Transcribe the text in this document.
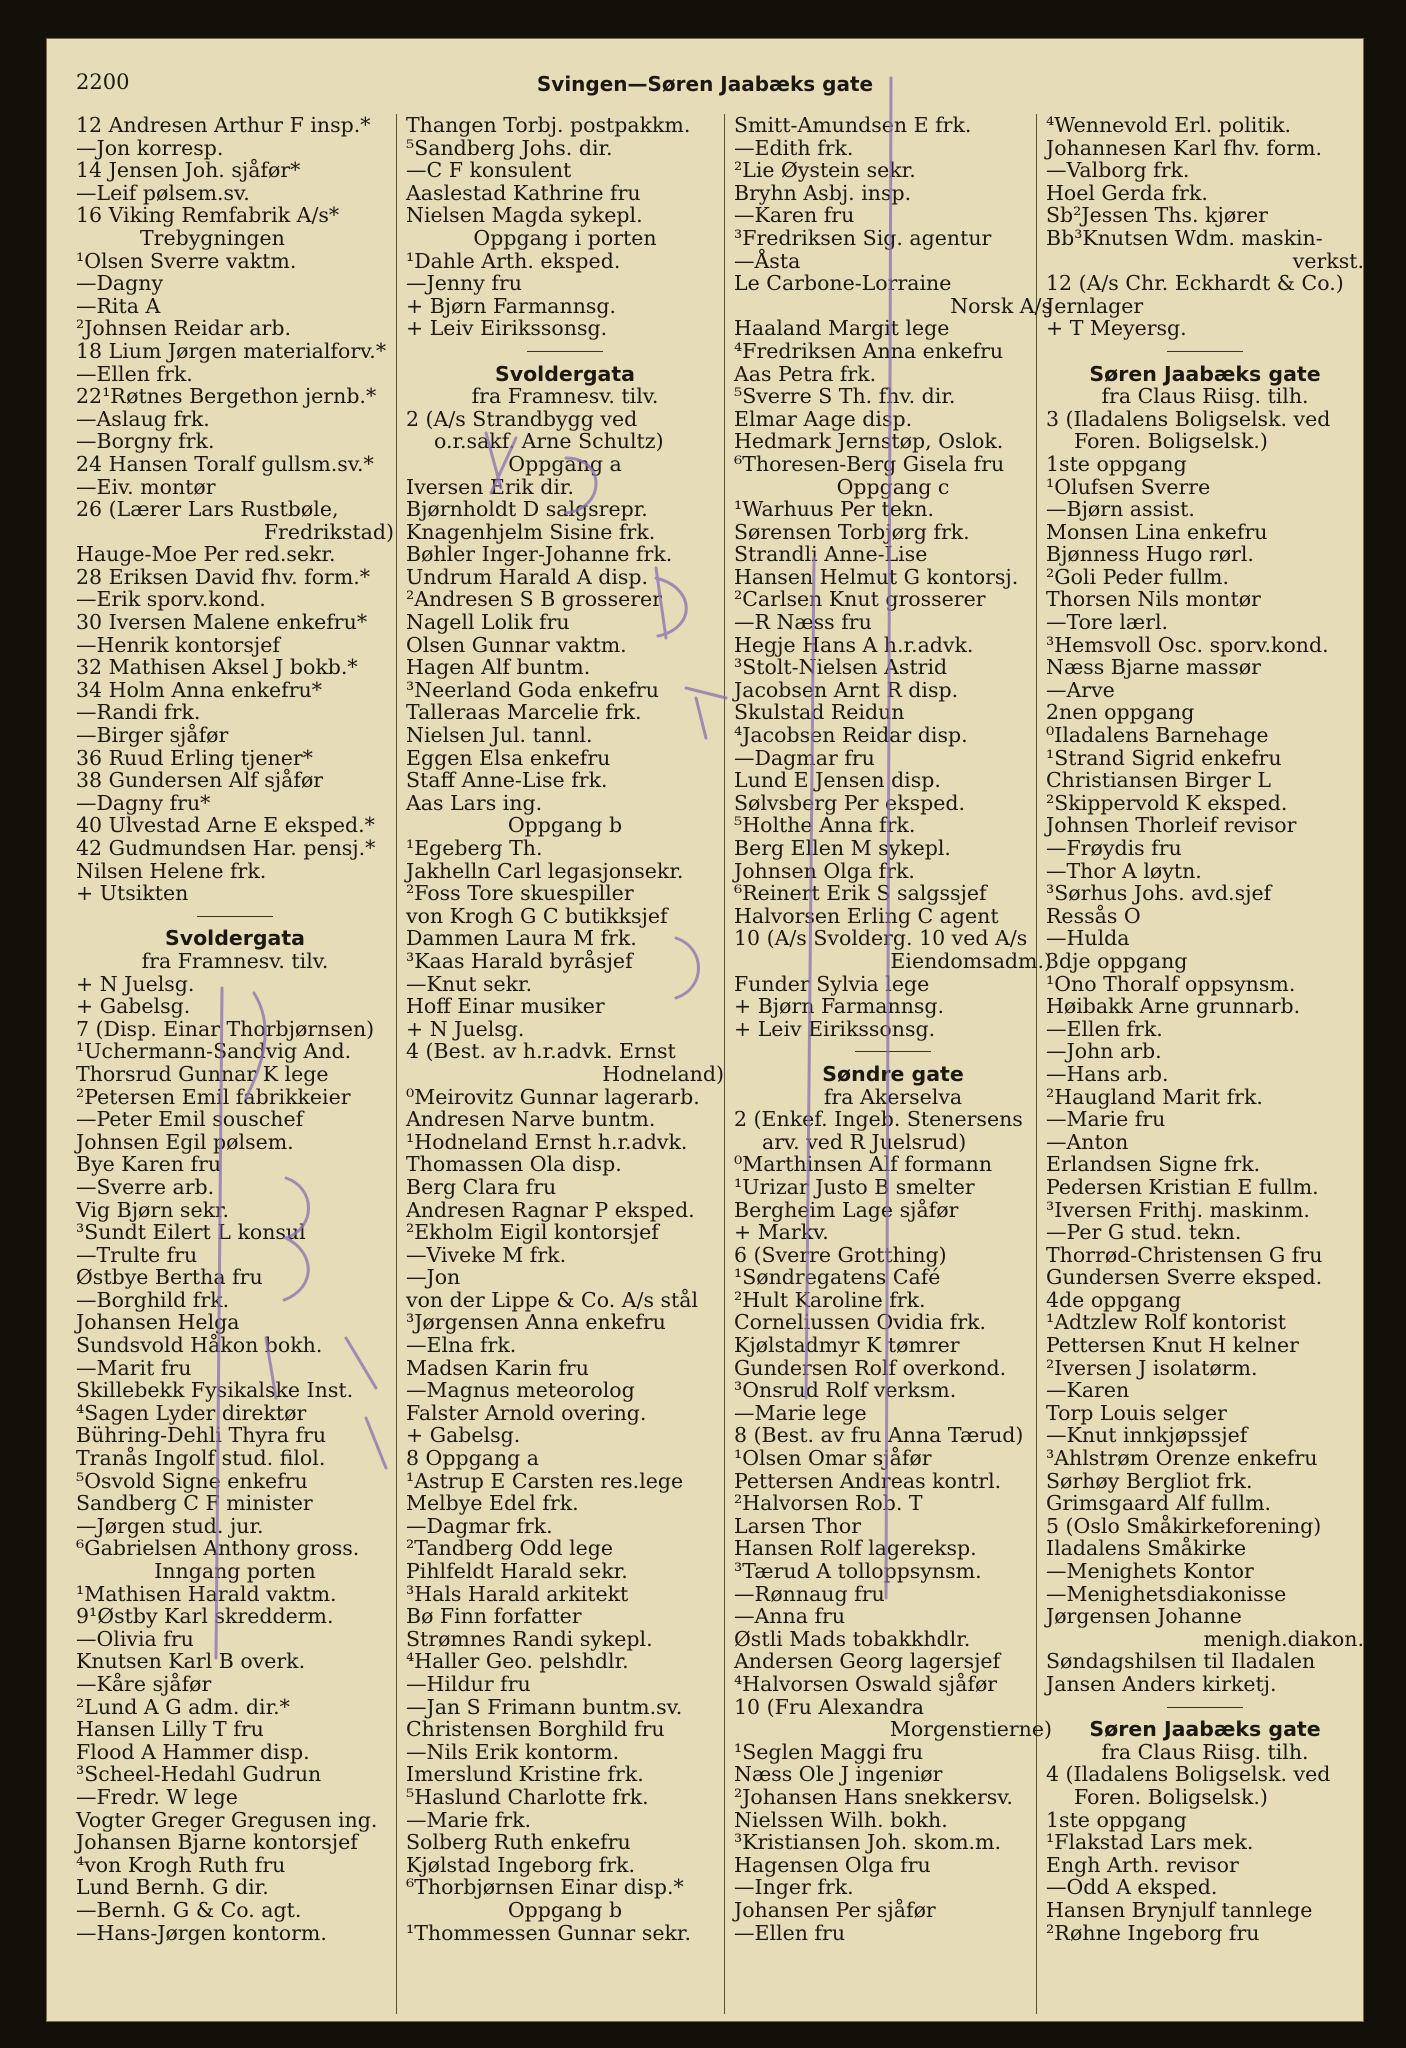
2200	Svingen—Søren Jaabæks gate
12 Andresen Arthur F insp.*
—Jon korresp.
14 Jensen Joh. sjåfør*
—Leif pølsem.sv.
16 Viking Remfabrik A/s*
Trebygningen
¹Olsen Sverre vaktm.
—Dagny
—Rita A
²Johnsen Reidar arb.
18 Lium Jørgen materialforv.*
—Ellen frk.
22¹Røtnes Bergethon jernb.*
—Aslaug frk.
—Borgny frk.
24 Hansen Toralf gullsm.sv.*
—Eiv. montør
26 (Lærer Lars Rustbøle,
Fredrikstad)
Hauge-Moe Per red.sekr.
28 Eriksen David fhv. form.*
—Erik sporv.kond.
30 Iversen Malene enkefru*
—Henrik kontorsjef
32 Mathisen Aksel J bokb.*
34 Holm Anna enkefru*
—Randi frk.
—Birger sjåfør
36 Ruud Erling tjener*
38 Gundersen Alf sjåfør
—Dagny fru*
40 Ulvestad Arne E eksped.*
42 Gudmundsen Har. pensj.*
Nilsen Helene frk.
+ Utsikten
Svoldergata
fra Framnesv. tilv.
+ N Juelsg.
+ Gabelsg.
7 (Disp. Einar Thorbjørnsen)
¹Uchermann-Sandvig And.
Thorsrud Gunnar K lege
²Petersen Emil fabrikkeier
—Peter Emil souschef
Johnsen Egil pølsem.
Bye Karen fru
—Sverre arb.
Vig Bjørn sekr.
³Sundt Eilert L konsul
—Trulte fru
Østbye Bertha fru
—Borghild frk.
Johansen Helga
Sundsvold Håkon bokh.
—Marit fru
Skillebekk Fysikalske Inst.
⁴Sagen Lyder direktør
Bühring-Dehli Thyra fru
Tranås Ingolf stud. filol.
⁵Osvold Signe enkefru
Sandberg C F minister
—Jørgen stud. jur.
⁶Gabrielsen Anthony gross.
Inngang porten
¹Mathisen Harald vaktm.
9¹Østby Karl skredderm.
—Olivia fru
Knutsen Karl B overk.
—Kåre sjåfør
²Lund A G adm. dir.*
Hansen Lilly T fru
Flood A Hammer disp.
³Scheel-Hedahl Gudrun
—Fredr. W lege
Vogter Greger Gregusen ing.
Johansen Bjarne kontorsjef
⁴von Krogh Ruth fru
Lund Bernh. G dir.
—Bernh. G & Co. agt.
—Hans-Jørgen kontorm.
Thangen Torbj. postpakkm.
⁵Sandberg Johs. dir.
—C F konsulent
Aaslestad Kathrine fru
Nielsen Magda sykepl.
Oppgang i porten
¹Dahle Arth. eksped.
—Jenny fru
+ Bjørn Farmannsg.
+ Leiv Eirikssonsg.
Svoldergata
fra Framnesv. tilv.
2 (A/s Strandbygg ved
o.r.sakf. Arne Schultz)
Oppgang a
Iversen Erik dir.
Bjørnholdt D salgsrepr.
Knagenhjelm Sisine frk.
Bøhler Inger-Johanne frk.
Undrum Harald A disp.
²Andresen S B grosserer
Nagell Lolik fru
Olsen Gunnar vaktm.
Hagen Alf buntm.
³Neerland Goda enkefru
Talleraas Marcelie frk.
Nielsen Jul. tannl.
Eggen Elsa enkefru
Staff Anne-Lise frk.
Aas Lars ing.
Oppgang b
¹Egeberg Th.
Jakhelln Carl legasjonsekr.
²Foss Tore skuespiller
von Krogh G C butikksjef
Dammen Laura M frk.
³Kaas Harald byråsjef
—Knut sekr.
Hoff Einar musiker
+ N Juelsg.
4 (Best. av h.r.advk. Ernst
Hodneland)
⁰Meirovitz Gunnar lagerarb.
Andresen Narve buntm.
¹Hodneland Ernst h.r.advk.
Thomassen Ola disp.
Berg Clara fru
Andresen Ragnar P eksped.
²Ekholm Eigil kontorsjef
—Viveke M frk.
—Jon
von der Lippe & Co. A/s stål
³Jørgensen Anna enkefru
—Elna frk.
Madsen Karin fru
—Magnus meteorolog
Falster Arnold overing.
+ Gabelsg.
8 Oppgang a
¹Astrup E Carsten res.lege
Melbye Edel frk.
—Dagmar frk.
²Tandberg Odd lege
Pihlfeldt Harald sekr.
³Hals Harald arkitekt
Bø Finn forfatter
Strømnes Randi sykepl.
⁴Haller Geo. pelshdlr.
—Hildur fru
—Jan S Frimann buntm.sv.
Christensen Borghild fru
—Nils Erik kontorm.
Imerslund Kristine frk.
⁵Haslund Charlotte frk.
—Marie frk.
Solberg Ruth enkefru
Kjølstad Ingeborg frk.
⁶Thorbjørnsen Einar disp.*
Oppgang b
¹Thommessen Gunnar sekr.
Smitt-Amundsen E frk.
—Edith frk.
²Lie Øystein sekr.
Bryhn Asbj. insp.
—Karen fru
³Fredriksen Sig. agentur
—Åsta
Le Carbone-Lorraine
Norsk A/s
Haaland Margit lege
⁴Fredriksen Anna enkefru
Aas Petra frk.
⁵Sverre S Th. fhv. dir.
Elmar Aage disp.
Hedmark Jernstøp, Oslok.
⁶Thoresen-Berg Gisela fru
Oppgang c
¹Warhuus Per tekn.
Sørensen Torbjørg frk.
Strandli Anne-Lise
Hansen Helmut G kontorsj.
²Carlsen Knut grosserer
—R Næss fru
Hegje Hans A h.r.advk.
³Stolt-Nielsen Astrid
Jacobsen Arnt R disp.
Skulstad Reidun
⁴Jacobsen Reidar disp.
—Dagmar fru
Lund E Jensen disp.
Sølvsberg Per eksped.
⁵Holthe Anna frk.
Berg Ellen M sykepl.
Johnsen Olga frk.
⁶Reinert Erik S salgssjef
Halvorsen Erling C agent
10 (A/s Svolderg. 10 ved A/s
Eiendomsadm.)
Funder Sylvia lege
+ Bjørn Farmannsg.
+ Leiv Eirikssonsg.
Søndre gate
fra Akerselva
2 (Enkef. Ingeb. Stenersens
arv. ved R Juelsrud)
⁰Marthinsen Alf formann
¹Urizar Justo B smelter
Bergheim Lage sjåfør
+ Markv.
6 (Sverre Grotthing)
¹Søndregatens Café
²Hult Karoline frk.
Corneliussen Ovidia frk.
Kjølstadmyr K tømrer
Gundersen Rolf overkond.
³Onsrud Rolf verksm.
—Marie lege
8 (Best. av fru Anna Tærud)
¹Olsen Omar sjåfør
Pettersen Andreas kontrl.
²Halvorsen Rob. T
Larsen Thor
Hansen Rolf lagereksp.
³Tærud A tolloppsynsm.
—Rønnaug fru
—Anna fru
Østli Mads tobakkhdlr.
Andersen Georg lagersjef
⁴Halvorsen Oswald sjåfør
10 (Fru Alexandra
Morgenstierne)
¹Seglen Maggi fru
Næss Ole J ingeniør
²Johansen Hans snekkersv.
Nielssen Wilh. bokh.
³Kristiansen Joh. skom.m.
Hagensen Olga fru
—Inger frk.
Johansen Per sjåfør
—Ellen fru
⁴Wennevold Erl. politik.
Johannesen Karl fhv. form.
—Valborg frk.
Hoel Gerda frk.
Sb²Jessen Ths. kjører
Bb³Knutsen Wdm. maskin-
verkst.
12 (A/s Chr. Eckhardt & Co.)
Jernlager
+ T Meyersg.
Søren Jaabæks gate
fra Claus Riisg. tilh.
3 (Iladalens Boligselsk. ved
Foren. Boligselsk.)
1ste oppgang
¹Olufsen Sverre
—Bjørn assist.
Monsen Lina enkefru
Bjønness Hugo rørl.
²Goli Peder fullm.
Thorsen Nils montør
—Tore lærl.
³Hemsvoll Osc. sporv.kond.
Næss Bjarne massør
—Arve
2nen oppgang
⁰Iladalens Barnehage
¹Strand Sigrid enkefru
Christiansen Birger L
²Skippervold K eksped.
Johnsen Thorleif revisor
—Frøydis fru
—Thor A løytn.
³Sørhus Johs. avd.sjef
Ressås O
—Hulda
3dje oppgang
¹Ono Thoralf oppsynsm.
Høibakk Arne grunnarb.
—Ellen frk.
—John arb.
—Hans arb.
²Haugland Marit frk.
—Marie fru
—Anton
Erlandsen Signe frk.
Pedersen Kristian E fullm.
³Iversen Frithj. maskinm.
—Per G stud. tekn.
Thorrød-Christensen G fru
Gundersen Sverre eksped.
4de oppgang
¹Adtzlew Rolf kontorist
Pettersen Knut H kelner
²Iversen J isolatørm.
—Karen
Torp Louis selger
—Knut innkjøpssjef
³Ahlstrøm Orenze enkefru
Sørhøy Bergliot frk.
Grimsgaard Alf fullm.
5 (Oslo Småkirkeforening)
Iladalens Småkirke
—Menighets Kontor
—Menighetsdiakonisse
Jørgensen Johanne
menigh.diakon.
Søndagshilsen til Iladalen
Jansen Anders kirketj.
Søren Jaabæks gate
fra Claus Riisg. tilh.
4 (Iladalens Boligselsk. ved
Foren. Boligselsk.)
1ste oppgang
¹Flakstad Lars mek.
Engh Arth. revisor
—Odd A eksped.
Hansen Brynjulf tannlege
²Røhne Ingeborg fru
